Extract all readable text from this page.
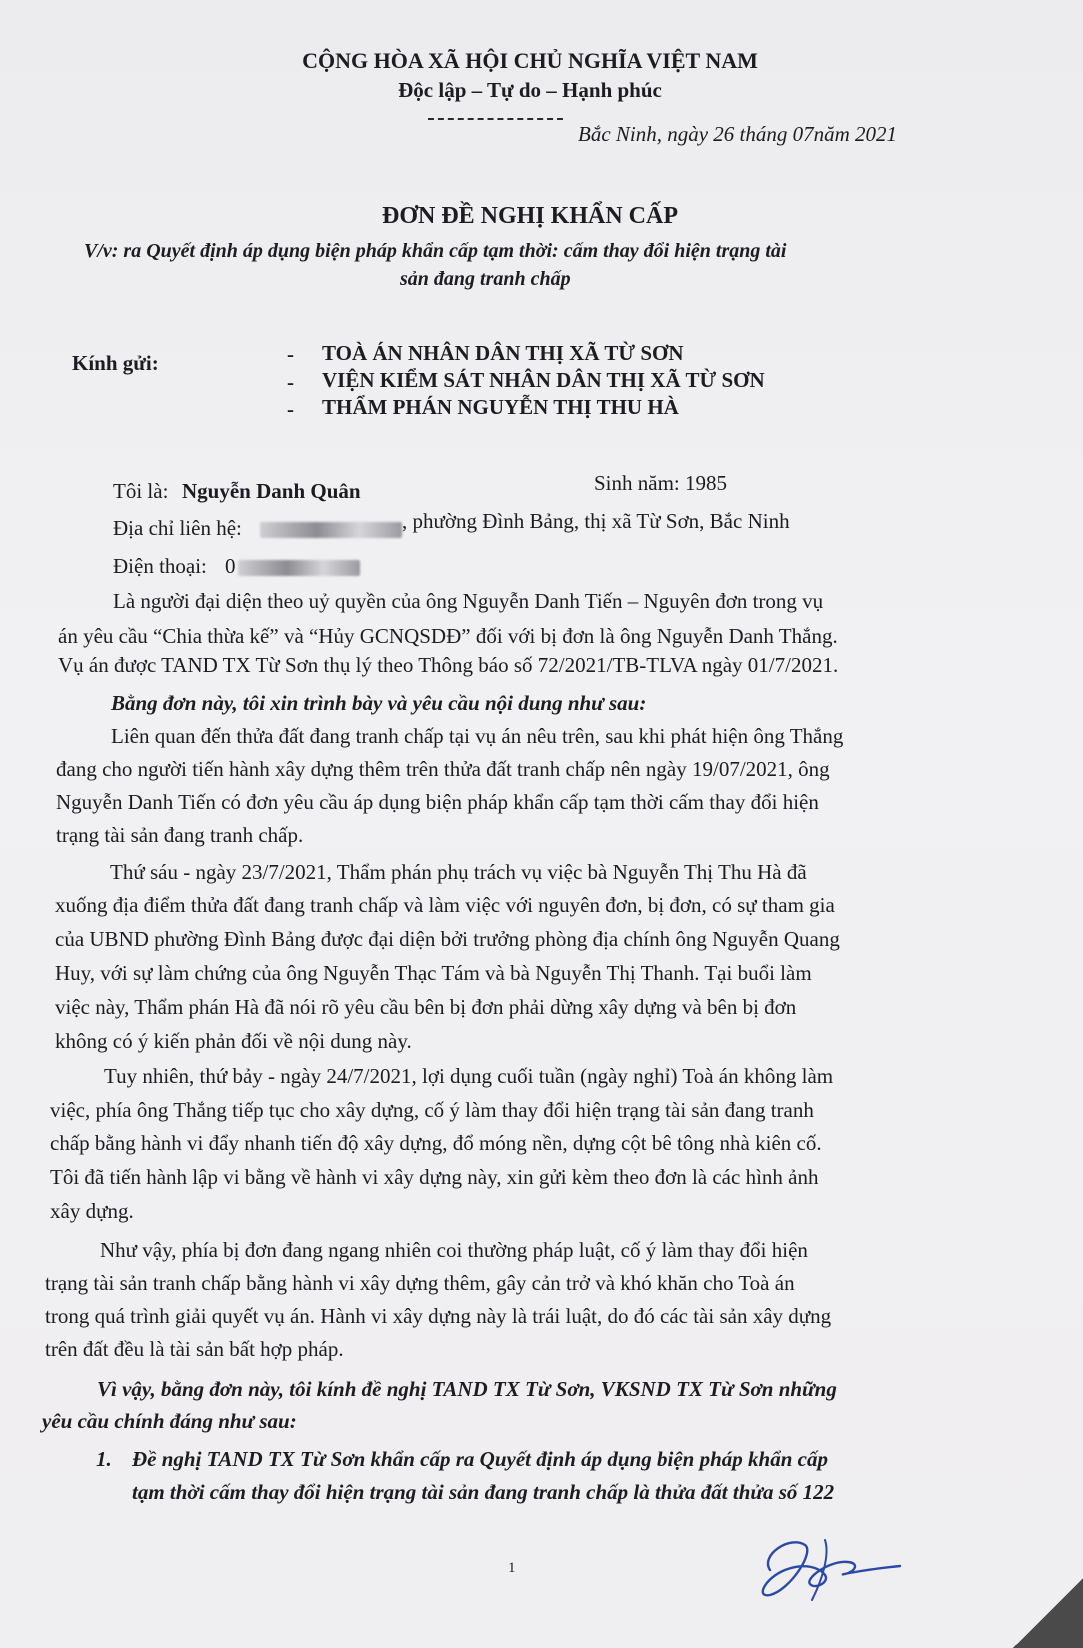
CỘNG HÒA XÃ HỘI CHỦ NGHĨA VIỆT NAM
Độc lập – Tự do – Hạnh phúc
Bắc Ninh, ngày 26 tháng 07năm 2021
ĐƠN ĐỀ NGHỊ KHẨN CẤP
V/v: ra Quyết định áp dụng biện pháp khẩn cấp tạm thời: cấm thay đổi hiện trạng tài
sản đang tranh chấp
Kính gửi:	- TOÀ ÁN NHÂN DÂN THỊ XÃ TỪ SƠN
- VIỆN KIỂM SÁT NHÂN DÂN THỊ XÃ TỪ SƠN
- THẨM PHÁN NGUYỄN THỊ THU HÀ
Tôi là: Nguyễn Danh Quân	Sinh năm: 1985
Địa chỉ liên hệ:	, phường Đình Bảng, thị xã Từ Sơn, Bắc Ninh
Điện thoại: 0
Là người đại diện theo uỷ quyền của ông Nguyễn Danh Tiến – Nguyên đơn trong vụ
án yêu cầu “Chia thừa kế” và “Hủy GCNQSDĐ” đối với bị đơn là ông Nguyễn Danh Thắng.
Vụ án được TAND TX Từ Sơn thụ lý theo Thông báo số 72/2021/TB-TLVA ngày 01/7/2021.
Bằng đơn này, tôi xin trình bày và yêu cầu nội dung như sau:
Liên quan đến thửa đất đang tranh chấp tại vụ án nêu trên, sau khi phát hiện ông Thắng
đang cho người tiến hành xây dựng thêm trên thửa đất tranh chấp nên ngày 19/07/2021, ông
Nguyễn Danh Tiến có đơn yêu cầu áp dụng biện pháp khẩn cấp tạm thời cấm thay đổi hiện
trạng tài sản đang tranh chấp.
Thứ sáu - ngày 23/7/2021, Thẩm phán phụ trách vụ việc bà Nguyễn Thị Thu Hà đã
xuống địa điểm thửa đất đang tranh chấp và làm việc với nguyên đơn, bị đơn, có sự tham gia
của UBND phường Đình Bảng được đại diện bởi trưởng phòng địa chính ông Nguyễn Quang
Huy, với sự làm chứng của ông Nguyễn Thạc Tám và bà Nguyễn Thị Thanh. Tại buổi làm
việc này, Thẩm phán Hà đã nói rõ yêu cầu bên bị đơn phải dừng xây dựng và bên bị đơn
không có ý kiến phản đối về nội dung này.
Tuy nhiên, thứ bảy - ngày 24/7/2021, lợi dụng cuối tuần (ngày nghỉ) Toà án không làm
việc, phía ông Thắng tiếp tục cho xây dựng, cố ý làm thay đổi hiện trạng tài sản đang tranh
chấp bằng hành vi đẩy nhanh tiến độ xây dựng, đổ móng nền, dựng cột bê tông nhà kiên cố.
Tôi đã tiến hành lập vi bằng về hành vi xây dựng này, xin gửi kèm theo đơn là các hình ảnh
xây dựng.
Như vậy, phía bị đơn đang ngang nhiên coi thường pháp luật, cố ý làm thay đổi hiện
trạng tài sản tranh chấp bằng hành vi xây dựng thêm, gây cản trở và khó khăn cho Toà án
trong quá trình giải quyết vụ án. Hành vi xây dựng này là trái luật, do đó các tài sản xây dựng
trên đất đều là tài sản bất hợp pháp.
Vì vậy, bằng đơn này, tôi kính đề nghị TAND TX Từ Sơn, VKSND TX Từ Sơn những
yêu cầu chính đáng như sau:
1. Đề nghị TAND TX Từ Sơn khẩn cấp ra Quyết định áp dụng biện pháp khẩn cấp
tạm thời cấm thay đổi hiện trạng tài sản đang tranh chấp là thửa đất thửa số 122
1
